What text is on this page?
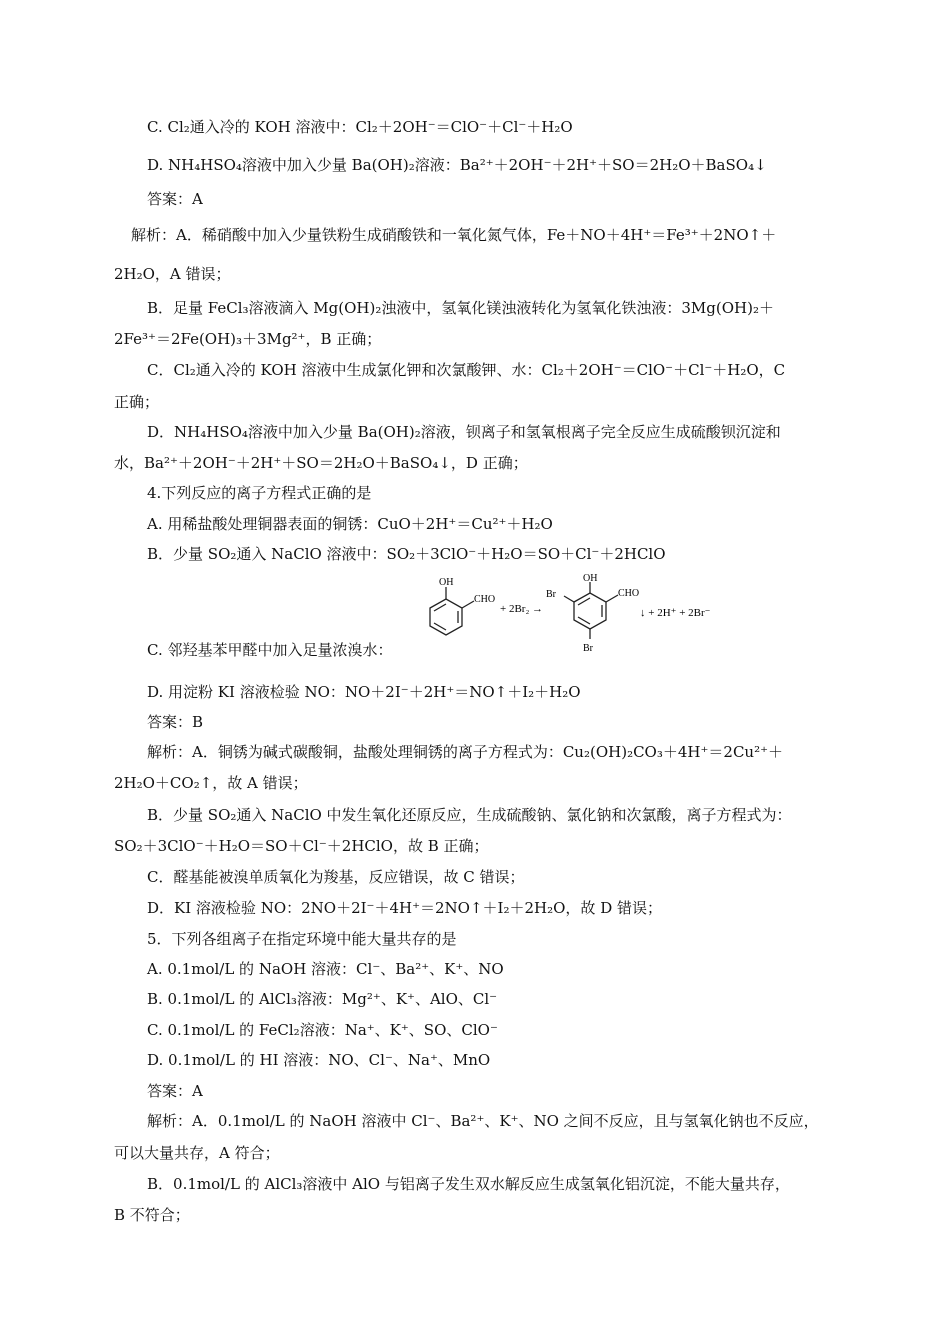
C. Cl₂通入冷的 KOH 溶液中：Cl₂＋2OH⁻＝ClO⁻＋Cl⁻＋H₂O
D. NH₄HSO₄溶液中加入少量 Ba(OH)₂溶液：Ba²⁺＋2OH⁻＋2H⁺＋SO＝2H₂O＋BaSO₄↓
答案：A
解析：A．稀硝酸中加入少量铁粉生成硝酸铁和一氧化氮气体，Fe＋NO＋4H⁺＝Fe³⁺＋2NO↑＋
2H₂O，A 错误；
B．足量 FeCl₃溶液滴入 Mg(OH)₂浊液中，氢氧化镁浊液转化为氢氧化铁浊液：3Mg(OH)₂＋
2Fe³⁺＝2Fe(OH)₃＋3Mg²⁺，B 正确；
C．Cl₂通入冷的 KOH 溶液中生成氯化钾和次氯酸钾、水：Cl₂＋2OH⁻＝ClO⁻＋Cl⁻＋H₂O，C
正确；
D．NH₄HSO₄溶液中加入少量 Ba(OH)₂溶液，钡离子和氢氧根离子完全反应生成硫酸钡沉淀和
水，Ba²⁺＋2OH⁻＋2H⁺＋SO＝2H₂O＋BaSO₄↓，D 正确；
4.下列反应的离子方程式正确的是
A. 用稀盐酸处理铜器表面的铜锈：CuO＋2H⁺＝Cu²⁺＋H₂O
B．少量 SO₂通入 NaClO 溶液中：SO₂＋3ClO⁻＋H₂O＝SO＋Cl⁻＋2HClO
OH
CHO
+ 2Br₂ →
OH
CHO
Br
Br
↓ + 2H⁺ + 2Br⁻
C. 邻羟基苯甲醛中加入足量浓溴水：
D. 用淀粉 KI 溶液检验 NO：NO＋2I⁻＋2H⁺＝NO↑＋I₂＋H₂O
答案：B
解析：A．铜锈为碱式碳酸铜，盐酸处理铜锈的离子方程式为：Cu₂(OH)₂CO₃＋4H⁺＝2Cu²⁺＋
2H₂O＋CO₂↑，故 A 错误；
B．少量 SO₂通入 NaClO 中发生氧化还原反应，生成硫酸钠、氯化钠和次氯酸，离子方程式为：
SO₂＋3ClO⁻＋H₂O＝SO＋Cl⁻＋2HClO，故 B 正确；
C．醛基能被溴单质氧化为羧基，反应错误，故 C 错误；
D．KI 溶液检验 NO：2NO＋2I⁻＋4H⁺＝2NO↑＋I₂＋2H₂O，故 D 错误；
5．下列各组离子在指定环境中能大量共存的是
A. 0.1mol/L 的 NaOH 溶液：Cl⁻、Ba²⁺、K⁺、NO
B. 0.1mol/L 的 AlCl₃溶液：Mg²⁺、K⁺、AlO、Cl⁻
C. 0.1mol/L 的 FeCl₂溶液：Na⁺、K⁺、SO、ClO⁻
D. 0.1mol/L 的 HI 溶液：NO、Cl⁻、Na⁺、MnO
答案：A
解析：A．0.1mol/L 的 NaOH 溶液中 Cl⁻、Ba²⁺、K⁺、NO 之间不反应，且与氢氧化钠也不反应，
可以大量共存，A 符合；
B．0.1mol/L 的 AlCl₃溶液中 AlO 与铝离子发生双水解反应生成氢氧化铝沉淀，不能大量共存，
B 不符合；
